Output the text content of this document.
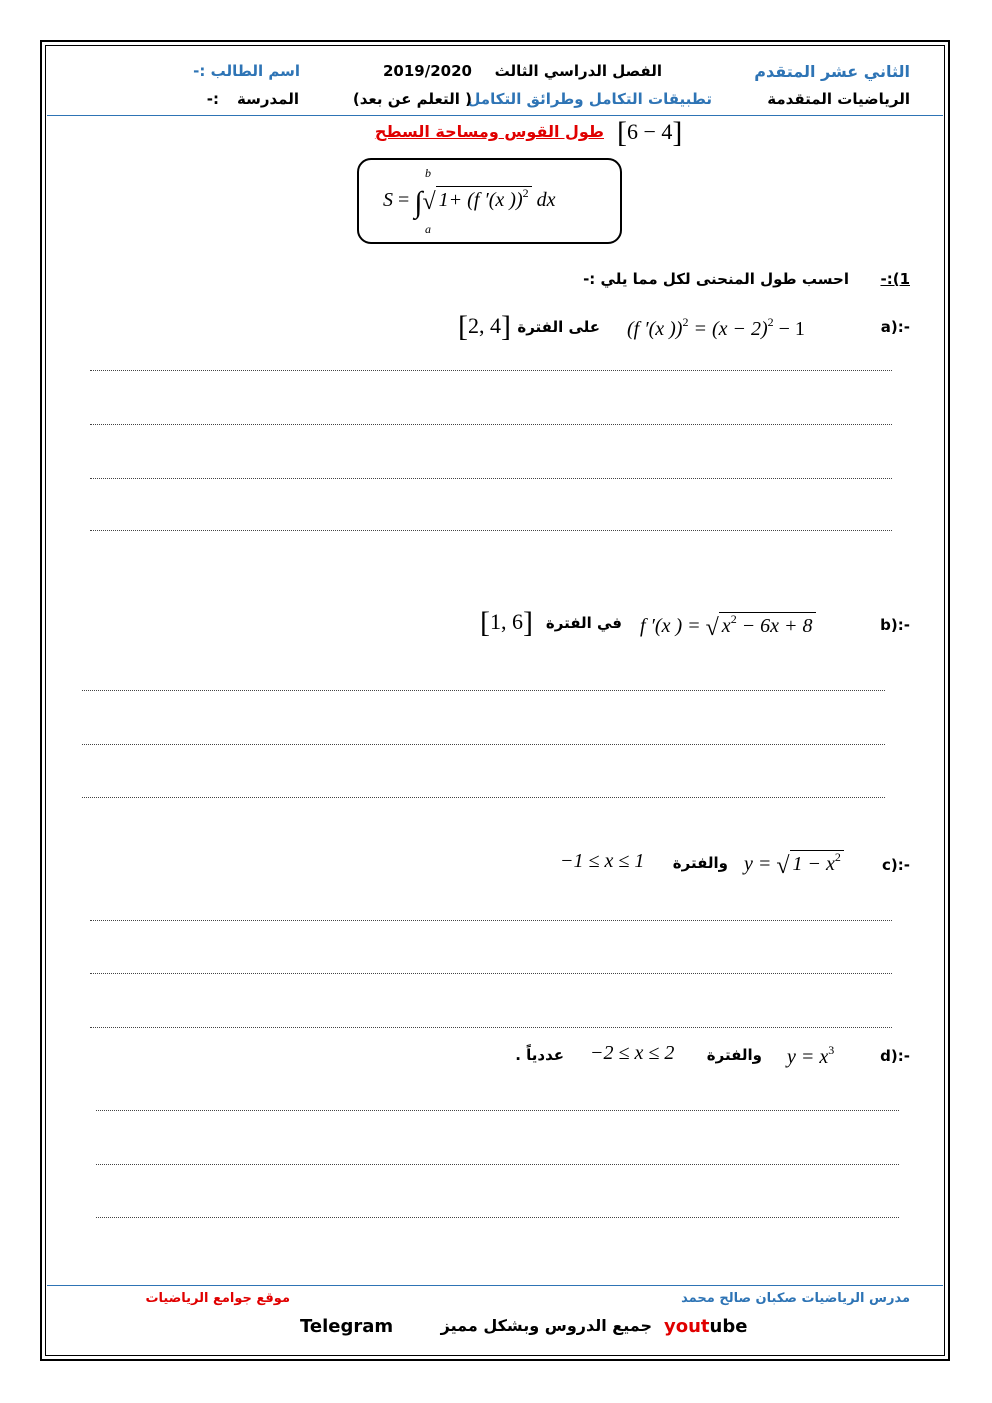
الثاني عشر المتقدم
الفصل الدراسي الثالث
2019/2020
اسم الطالب :-
الرياضيات المتقدمة
تطبيقات التكامل وطرائق التكامل
( التعلم عن بعد)
المدرسة
:-
طول القوس ومساحة السطح [6 − 4]
S = ∫√ 1+ (f ′(x ))$^2$ dx
b
a
1):-
احسب طول المنحنى لكل مما يلي :-
a):-
(f ′(x ))$^2 = (x - 2)^2 - 1$
على الفترة
[2, 4]
b):-
f ′(x ) = √ $x^2 - 6x + 8$
في الفترة
[1, 6]
c):-
y = √ $1 - x^2$
والفترة
−1 ≤ x ≤ 1
d):-
$y = x^3$
والفترة
−2 ≤ x ≤ 2
عددياً .
مدرس الرياضيات صكبان صالح محمد
موقع جوامع الرياضيات
youtube
جميع الدروس وبشكل مميز
Telegram
